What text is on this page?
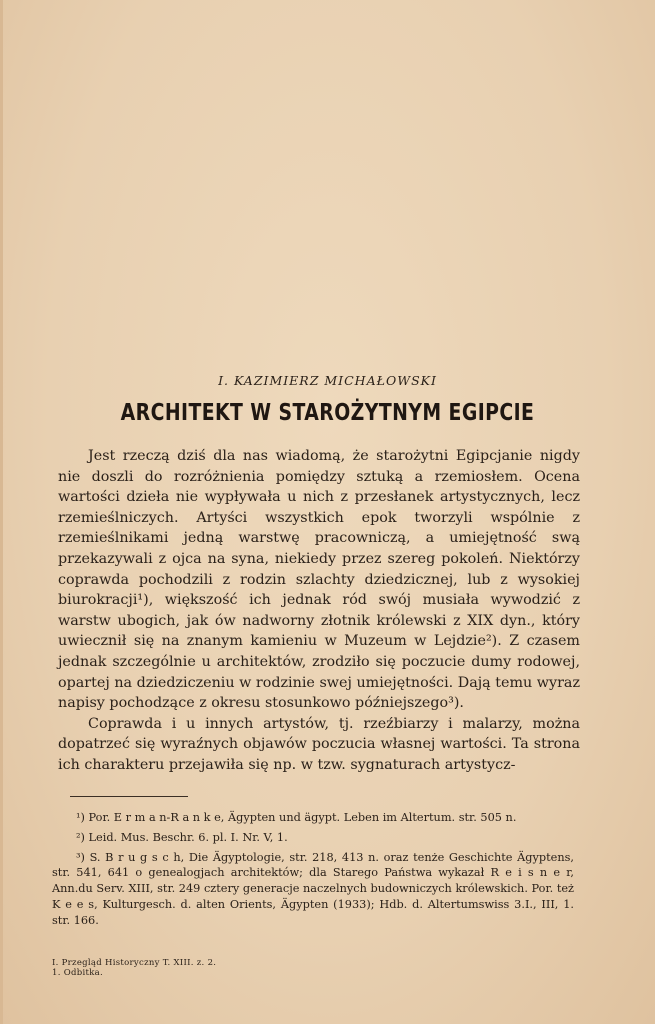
I. KAZIMIERZ MICHAŁOWSKI
ARCHITEKT W STAROŻYTNYM EGIPCIE

Jest rzeczą dziś dla nas wiadomą, że starożytni Egipcjanie nigdy nie doszli do rozróżnienia pomiędzy sztuką a rzemiosłem. Ocena wartości dzieła nie wypływała u nich z przesłanek artystycznych, lecz rzemieślniczych. Artyści wszystkich epok tworzyli wspólnie z rzemieślnikami jedną warstwę pracowniczą, a umiejętność swą przekazywali z ojca na syna, niekiedy przez szereg pokoleń. Niektórzy coprawda pochodzili z rodzin szlachty dziedzicznej, lub z wysokiej biurokracji¹), większość ich jednak ród swój musiała wywodzić z warstw ubogich, jak ów nadworny złotnik królewski z XIX dyn., który uwiecznił się na znanym kamieniu w Muzeum w Lejdzie²). Z czasem jednak szczególnie u architektów, zrodziło się poczucie dumy rodowej, opartej na dziedziczeniu w rodzinie swej umiejętności. Dają temu wyraz napisy pochodzące z okresu stosunkowo późniejszego³).

Coprawda i u innych artystów, tj. rzeźbiarzy i malarzy, można dopatrzeć się wyraźnych objawów poczucia własnej wartości. Ta strona ich charakteru przejawiła się np. w tzw. sygnaturach artystycz-

¹) Por. E r m a n-R a n k e, Ägypten und ägypt. Leben im Altertum. str. 505 n.

²) Leid. Mus. Beschr. 6. pl. I. Nr. V, 1.

³) S. B r u g s c h, Die Ägyptologie, str. 218, 413 n. oraz tenże Geschichte Ägyptens, str. 541, 641 o genealogjach architektów; dla Starego Państwa wykazał R e i s n e r, Ann.du Serv. XIII, str. 249 cztery generacje naczelnych budowniczych królewskich. Por. też K e e s, Kulturgesch. d. alten Orients, Ägypten (1933); Hdb. d. Altertumswiss 3.I., III, 1. str. 166.

I. Przegląd Historyczny T. XIII. z. 2.
1. Odbitka.
